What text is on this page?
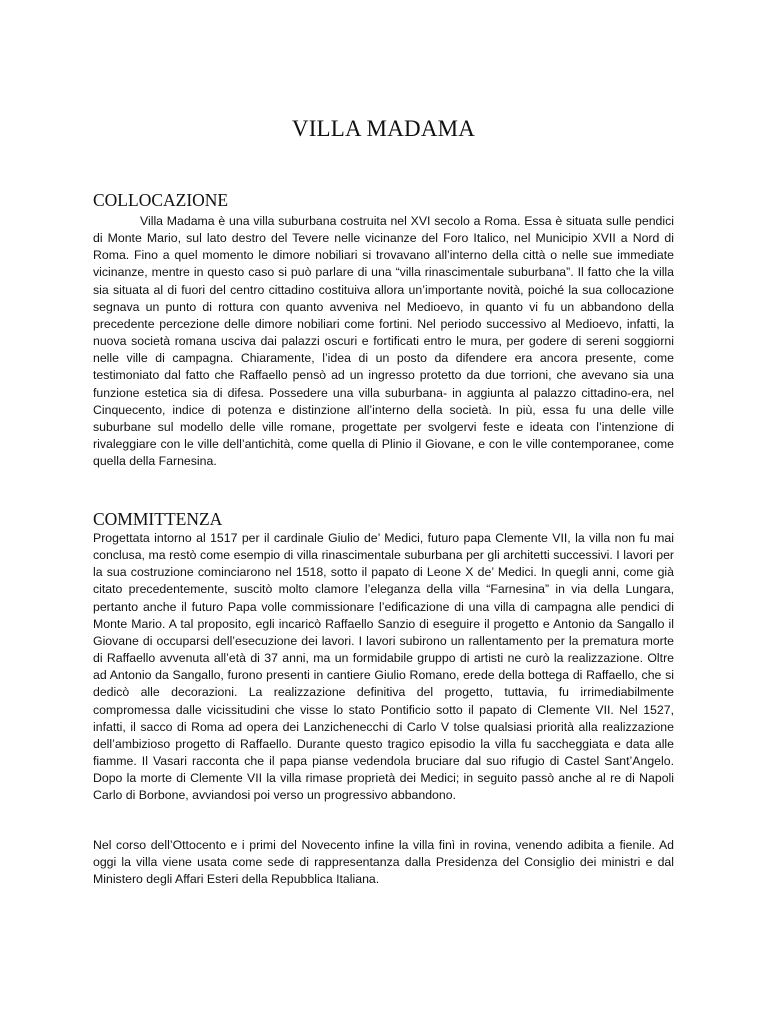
VILLA MADAMA
COLLOCAZIONE

Villa Madama è una villa suburbana costruita nel XVI secolo a Roma. Essa è situata sulle pendici di Monte Mario, sul lato destro del Tevere nelle vicinanze del Foro Italico, nel Municipio XVII a Nord di Roma. Fino a quel momento le dimore nobiliari si trovavano all’interno della città o nelle sue immediate vicinanze, mentre in questo caso si può parlare di una “villa rinascimentale suburbana”. Il fatto che la villa sia situata al di fuori del centro cittadino costituiva allora un’importante novità, poiché la sua collocazione segnava un punto di rottura con quanto avveniva nel Medioevo, in quanto vi fu un abbandono della precedente percezione delle dimore nobiliari come fortini. Nel periodo successivo al Medioevo, infatti, la nuova società romana usciva dai palazzi oscuri e fortificati entro le mura, per godere di sereni soggiorni nelle ville di campagna. Chiaramente, l’idea di un posto da difendere era ancora presente, come testimoniato dal fatto che Raffaello pensò ad un ingresso protetto da due torrioni, che avevano sia una funzione estetica sia di difesa. Possedere una villa suburbana- in aggiunta al palazzo cittadino-era, nel Cinquecento, indice di potenza e distinzione all’interno della società. In più, essa fu una delle ville suburbane sul modello delle ville romane, progettate per svolgervi feste e ideata con l’intenzione di rivaleggiare con le ville dell’antichità, come quella di Plinio il Giovane, e con le ville contemporanee, come quella della Farnesina.

COMMITTENZA

Progettata intorno al 1517 per il cardinale Giulio de’ Medici, futuro papa Clemente VII, la villa non fu mai conclusa, ma restò come esempio di villa rinascimentale suburbana per gli architetti successivi. I lavori per la sua costruzione cominciarono nel 1518, sotto il papato di Leone X de’ Medici. In quegli anni, come già citato precedentemente, suscitò molto clamore l’eleganza della villa “Farnesina” in via della Lungara, pertanto anche il futuro Papa volle commissionare l’edificazione di una villa di campagna alle pendici di Monte Mario. A tal proposito, egli incaricò Raffaello Sanzio di eseguire il progetto e Antonio da Sangallo il Giovane di occuparsi dell’esecuzione dei lavori. I lavori subirono un rallentamento per la prematura morte di Raffaello avvenuta all’età di 37 anni, ma un formidabile gruppo di artisti ne curò la realizzazione. Oltre ad Antonio da Sangallo, furono presenti in cantiere Giulio Romano, erede della bottega di Raffaello, che si dedicò alle decorazioni. La realizzazione definitiva del progetto, tuttavia, fu irrimediabilmente compromessa dalle vicissitudini che visse lo stato Pontificio sotto il papato di Clemente VII. Nel 1527, infatti, il sacco di Roma ad opera dei Lanzichenecchi di Carlo V tolse qualsiasi priorità alla realizzazione dell’ambizioso progetto di Raffaello. Durante questo tragico episodio la villa fu saccheggiata e data alle fiamme. Il Vasari racconta che il papa pianse vedendola bruciare dal suo rifugio di Castel Sant’Angelo. Dopo la morte di Clemente VII la villa rimase proprietà dei Medici; in seguito passò anche al re di Napoli Carlo di Borbone, avviandosi poi verso un progressivo abbandono.

Nel corso dell’Ottocento e i primi del Novecento infine la villa finì in rovina, venendo adibita a fienile. Ad oggi la villa viene usata come sede di rappresentanza dalla Presidenza del Consiglio dei ministri e dal Ministero degli Affari Esteri della Repubblica Italiana.
